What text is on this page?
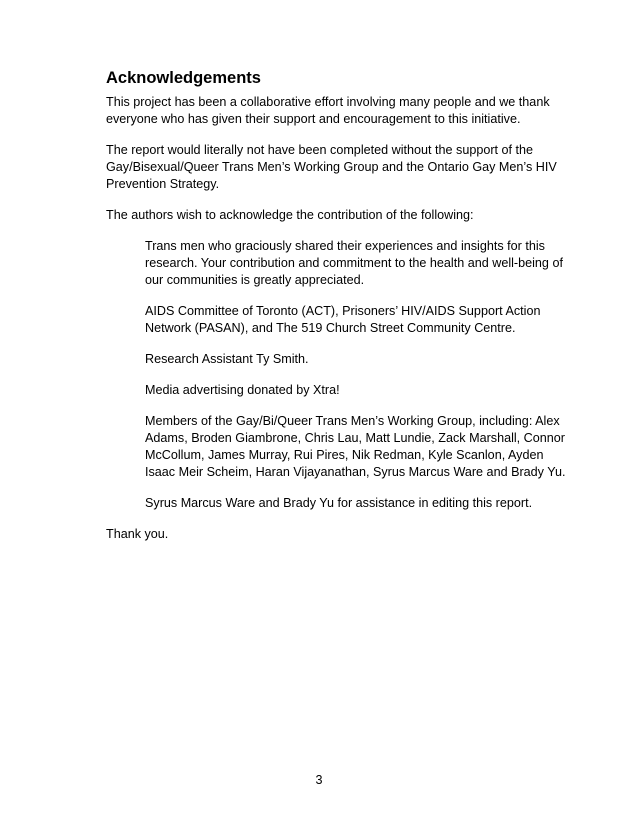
Acknowledgements

This project has been a collaborative effort involving many people and we thank everyone who has given their support and encouragement to this initiative.

The report would literally not have been completed without the support of the Gay/Bisexual/Queer Trans Men’s Working Group and the Ontario Gay Men’s HIV Prevention Strategy.

The authors wish to acknowledge the contribution of the following:

Trans men who graciously shared their experiences and insights for this research. Your contribution and commitment to the health and well-being of our communities is greatly appreciated.

AIDS Committee of Toronto (ACT), Prisoners’ HIV/AIDS Support Action Network (PASAN), and The 519 Church Street Community Centre.

Research Assistant Ty Smith.

Media advertising donated by Xtra!

Members of the Gay/Bi/Queer Trans Men’s Working Group, including: Alex Adams, Broden Giambrone, Chris Lau, Matt Lundie, Zack Marshall, Connor McCollum, James Murray, Rui Pires, Nik Redman, Kyle Scanlon, Ayden Isaac Meir Scheim, Haran Vijayanathan, Syrus Marcus Ware and Brady Yu.

Syrus Marcus Ware and Brady Yu for assistance in editing this report.

Thank you.

3
